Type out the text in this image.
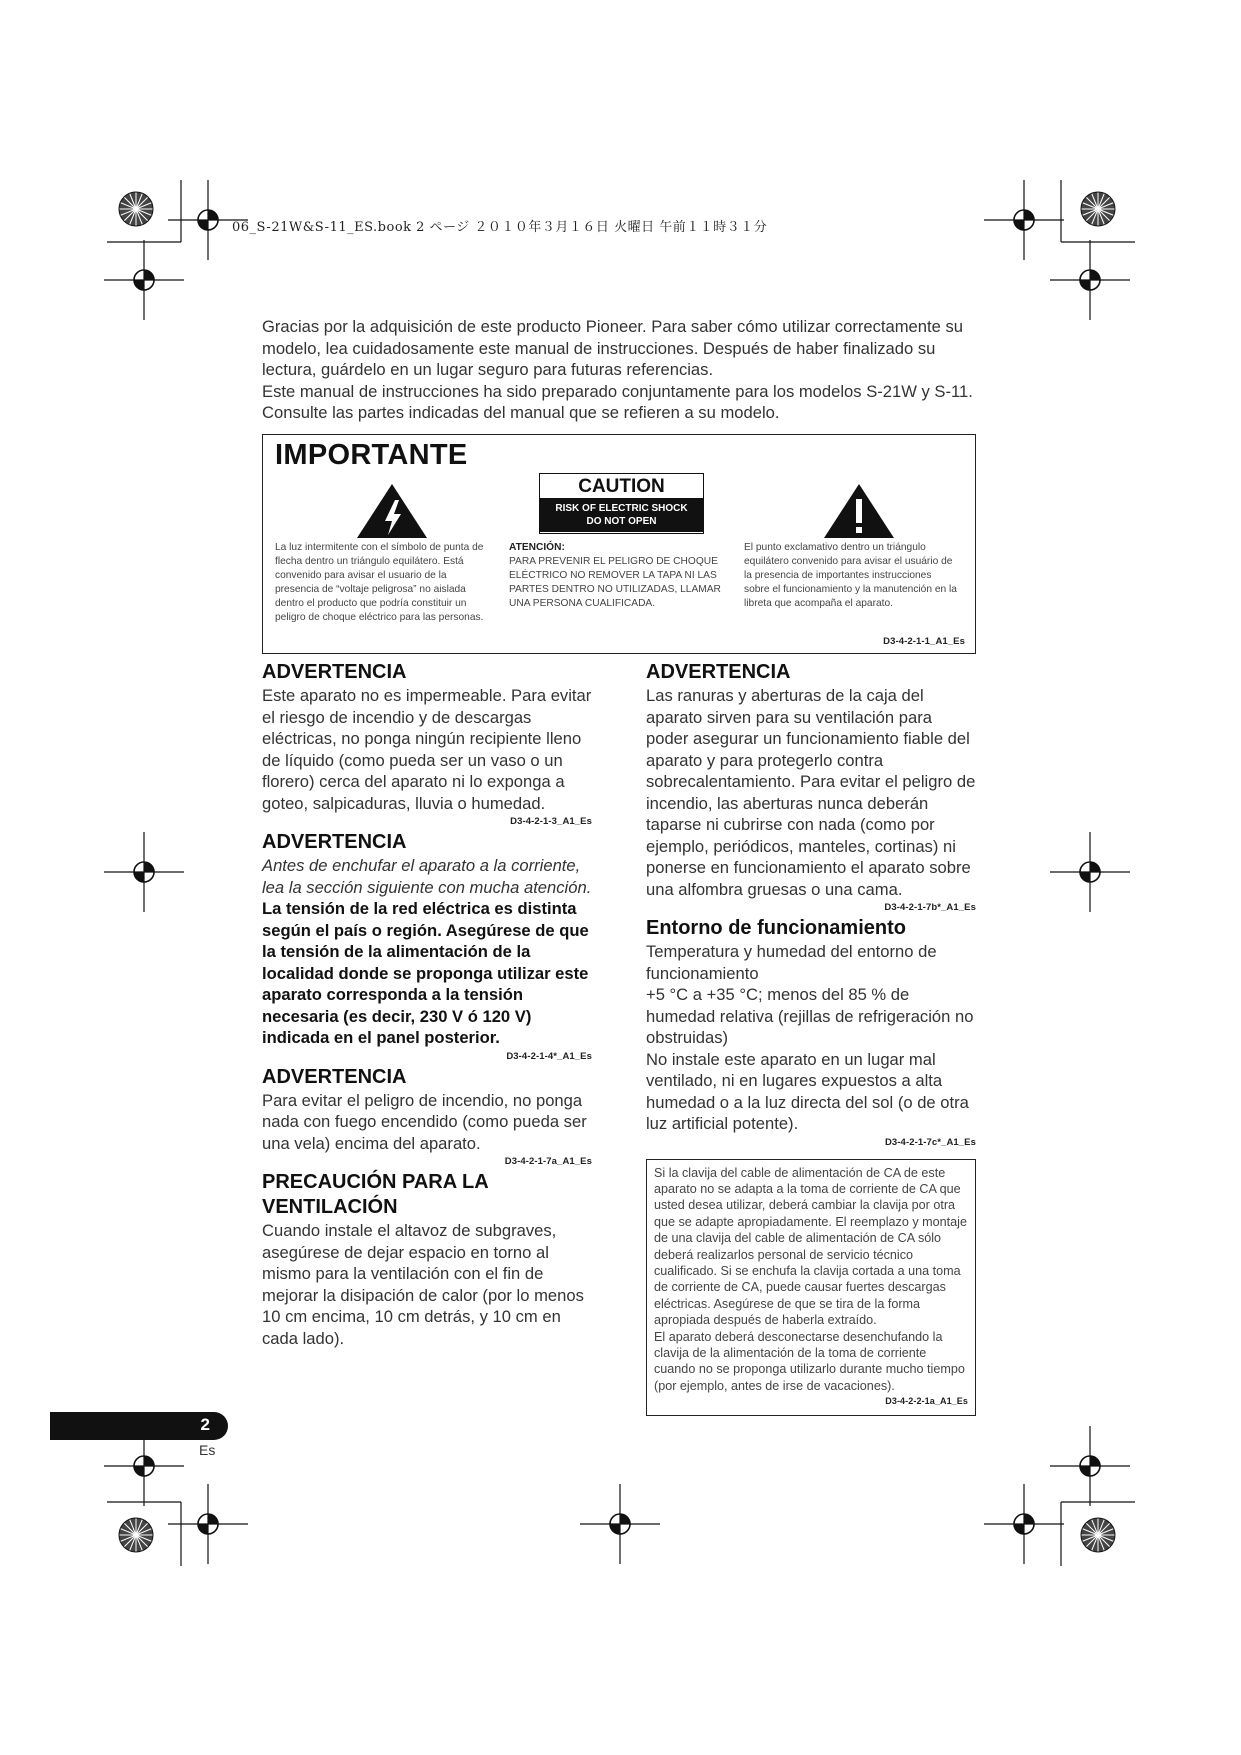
06_S-21W&S-11_ES.book 2 ページ ２０１０年３月１６日 火曜日 午前１１時３１分

Gracias por la adquisición de este producto Pioneer. Para saber cómo utilizar correctamente su modelo, lea cuidadosamente este manual de instrucciones. Después de haber finalizado su lectura, guárdelo en un lugar seguro para futuras referencias.

Este manual de instrucciones ha sido preparado conjuntamente para los modelos S-21W y S-11. Consulte las partes indicadas del manual que se refieren a su modelo.

IMPORTANTE
CAUTION
RISK OF ELECTRIC SHOCK
DO NOT OPEN

La luz intermitente con el símbolo de punta de flecha dentro un triángulo equilátero. Está convenido para avisar el usuario de la presencia de “voltaje peligrosa” no aislada dentro el producto que podría constituir un peligro de choque eléctrico para las personas.

ATENCIÓN:

PARA PREVENIR EL PELIGRO DE CHOQUE ELÉCTRICO NO REMOVER LA TAPA NI LAS PARTES DENTRO NO UTILIZADAS, LLAMAR UNA PERSONA CUALIFICADA.

El punto exclamativo dentro un triángulo equilátero convenido para avisar el usuário de la presencia de importantes instrucciones sobre el funcionamiento y la manutención en la libreta que acompaña el aparato.

D3-4-2-1-1_A1_Es
ADVERTENCIA

Este aparato no es impermeable. Para evitar el riesgo de incendio y de descargas eléctricas, no ponga ningún recipiente lleno de líquido (como pueda ser un vaso o un florero) cerca del aparato ni lo exponga a goteo, salpicaduras, lluvia o humedad.

D3-4-2-1-3_A1_Es
ADVERTENCIA

Antes de enchufar el aparato a la corriente, lea la sección siguiente con mucha atención.

La tensión de la red eléctrica es distinta según el país o región. Asegúrese de que la tensión de la alimentación de la localidad donde se proponga utilizar este aparato corresponda a la tensión necesaria (es decir, 230 V ó 120 V) indicada en el panel posterior.

D3-4-2-1-4*_A1_Es
ADVERTENCIA

Para evitar el peligro de incendio, no ponga nada con fuego encendido (como pueda ser una vela) encima del aparato.

D3-4-2-1-7a_A1_Es
PRECAUCIÓN PARA LA VENTILACIÓN

Cuando instale el altavoz de subgraves, asegúrese de dejar espacio en torno al mismo para la ventilación con el fin de mejorar la disipación de calor (por lo menos 10 cm encima, 10 cm detrás, y 10 cm en cada lado).

ADVERTENCIA

Las ranuras y aberturas de la caja del aparato sirven para su ventilación para poder asegurar un funcionamiento fiable del aparato y para protegerlo contra sobrecalentamiento. Para evitar el peligro de incendio, las aberturas nunca deberán taparse ni cubrirse con nada (como por ejemplo, periódicos, manteles, cortinas) ni ponerse en funcionamiento el aparato sobre una alfombra gruesas o una cama.

D3-4-2-1-7b*_A1_Es
Entorno de funcionamiento

Temperatura y humedad del entorno de funcionamiento

+5 °C a +35 °C; menos del 85 % de humedad relativa (rejillas de refrigeración no obstruidas)

No instale este aparato en un lugar mal ventilado, ni en lugares expuestos a alta humedad o a la luz directa del sol (o de otra luz artificial potente).

D3-4-2-1-7c*_A1_Es

Si la clavija del cable de alimentación de CA de este aparato no se adapta a la toma de corriente de CA que usted desea utilizar, deberá cambiar la clavija por otra que se adapte apropiadamente. El reemplazo y montaje de una clavija del cable de alimentación de CA sólo deberá realizarlos personal de servicio técnico cualificado. Si se enchufa la clavija cortada a una toma de corriente de CA, puede causar fuertes descargas eléctricas. Asegúrese de que se tira de la forma apropiada después de haberla extraído.

El aparato deberá desconectarse desenchufando la clavija de la alimentación de la toma de corriente cuando no se proponga utilizarlo durante mucho tiempo (por ejemplo, antes de irse de vacaciones).

D3-4-2-2-1a_A1_Es
2
Es
